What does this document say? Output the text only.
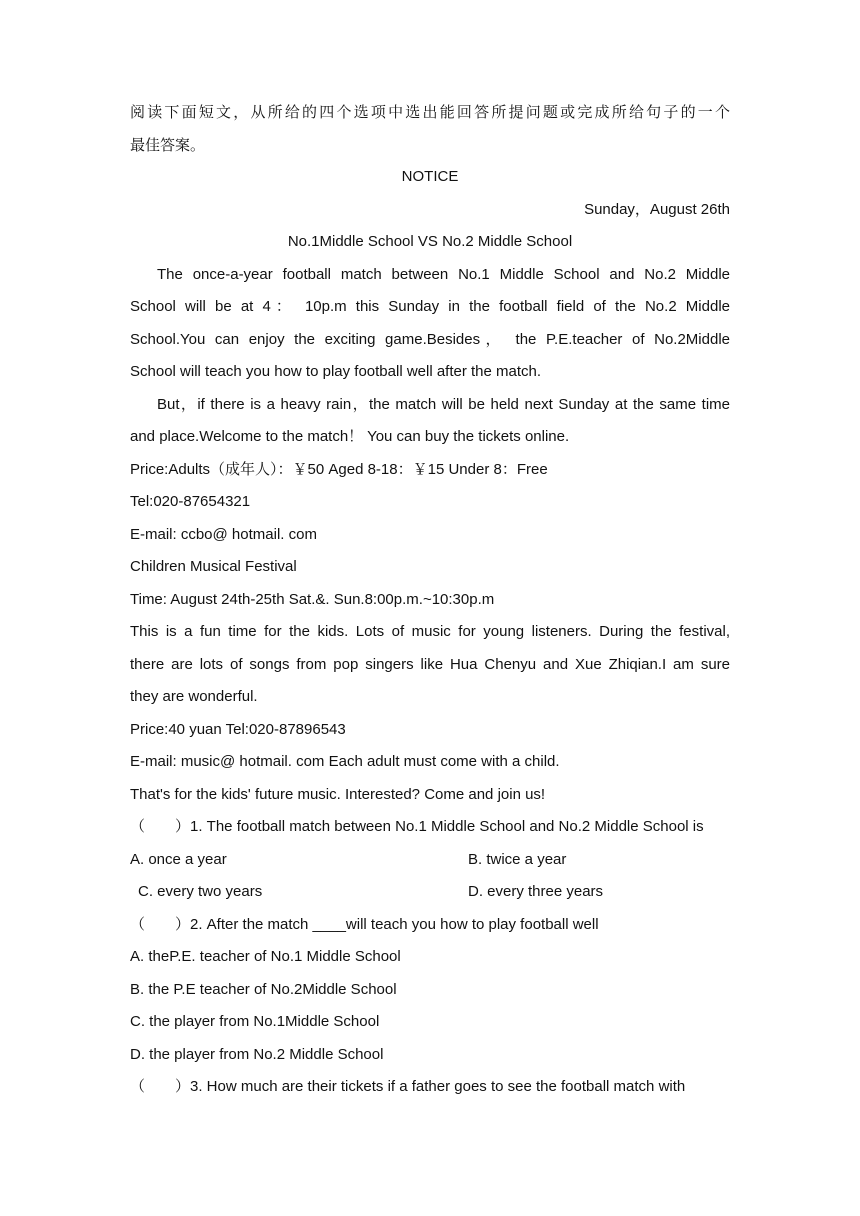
阅读下面短文，从所给的四个选项中选出能回答所提问题或完成所给句子的一个
最佳答案。
NOTICE
Sunday，August 26th
No.1Middle School VS No.2 Middle School
The once-a-year football match between No.1 Middle School and No.2 Middle
School will be at 4： 10p.m this Sunday in the football field of the No.2 Middle
School.You can enjoy the exciting game.Besides， the P.E.teacher of No.2Middle
School will teach you how to play football well after the match.
But，if there is a heavy rain，the match will be held next Sunday at the same time
and place.Welcome to the match！ You can buy the tickets online.
Price:Adults（成年人）：￥50 Aged 8-18：￥15 Under 8：Free
Tel:020-87654321
E-mail: ccbo@ hotmail. com
Children Musical Festival
Time: August 24th-25th Sat.&. Sun.8:00p.m.~10:30p.m
This is a fun time for the kids. Lots of music for young listeners. During the festival,
there are lots of songs from pop singers like Hua Chenyu and Xue Zhiqian.I am sure
they are wonderful.
Price:40 yuan Tel:020-87896543
E-mail: music@ hotmail. com Each adult must come with a child.
That's for the kids' future music. Interested? Come and join us!
（　　）1. The football match between No.1 Middle School and No.2 Middle School is
A. once a year	B. twice a year
C. every two years	D. every three years
（　　）2. After the match ____will teach you how to play football well
A. theP.E. teacher of No.1 Middle School
B. the P.E teacher of No.2Middle School
C. the player from No.1Middle School
D. the player from No.2 Middle School
（　　）3. How much are their tickets if a father goes to see the football match with
